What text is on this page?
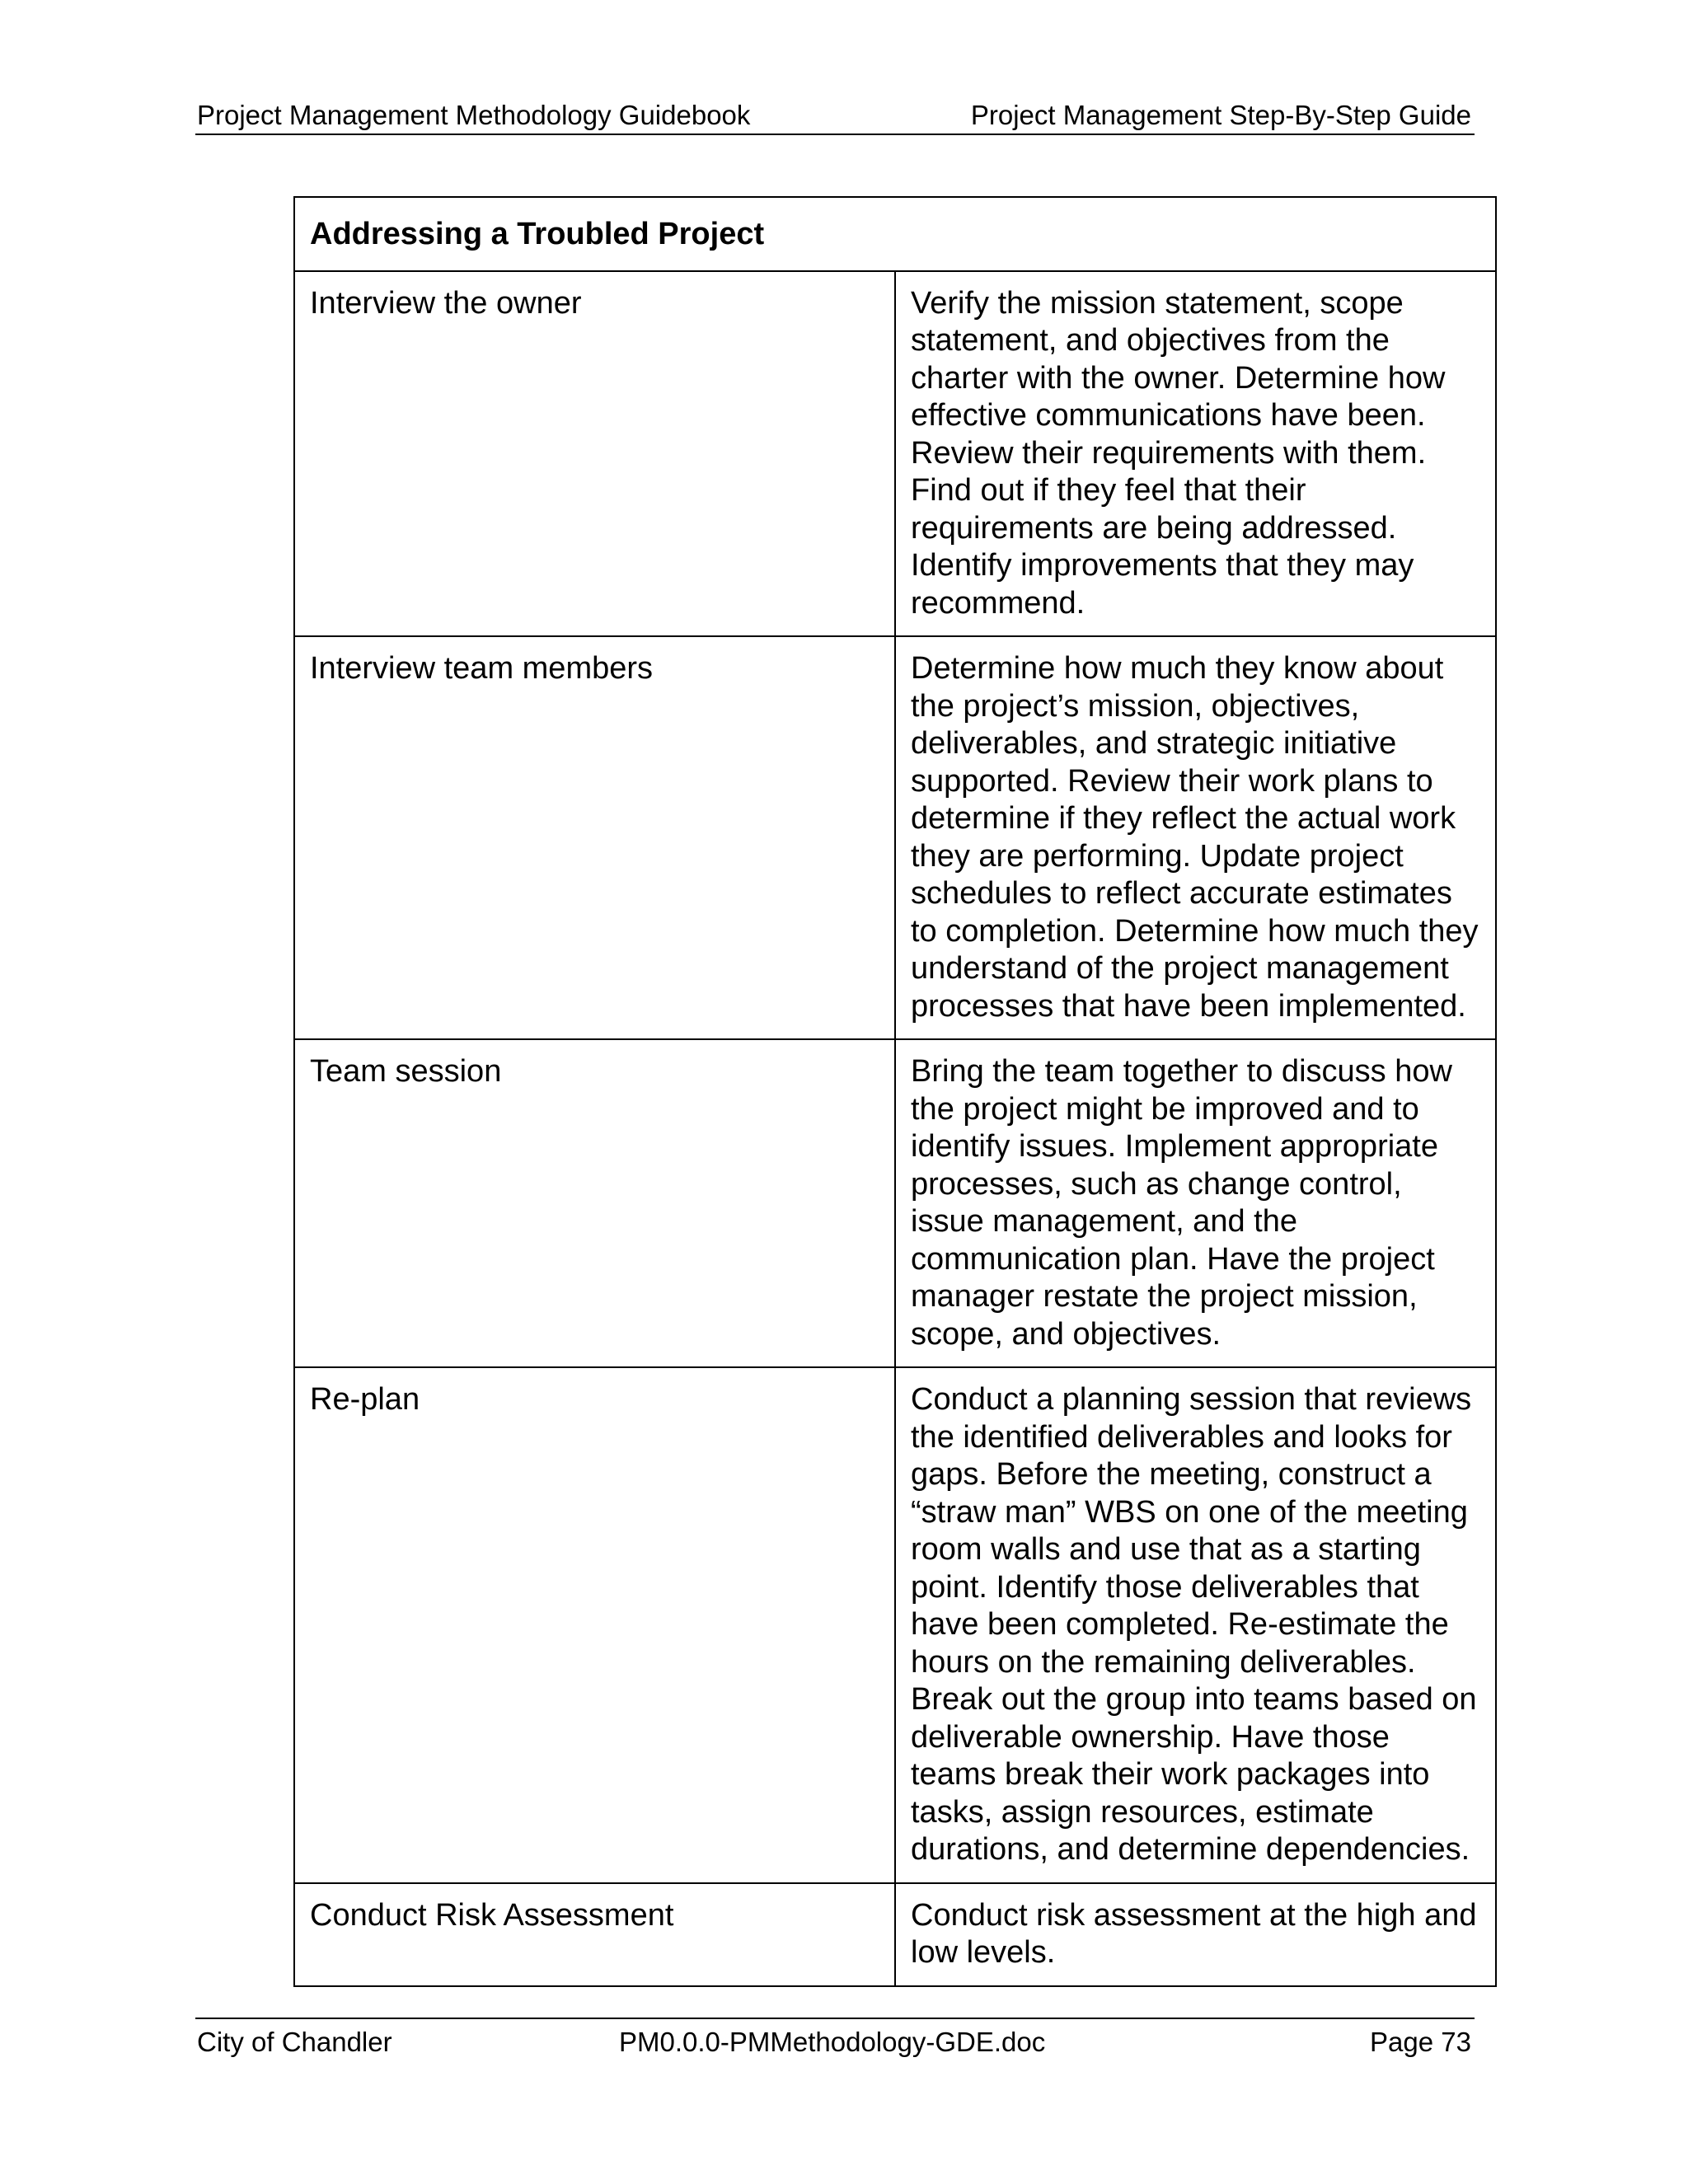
Project Management Methodology Guidebook	Project Management Step-By-Step Guide
Addressing a Troubled Project	
Interview the owner	Verify the mission statement, scope statement, and objectives from the charter with the owner. Determine how effective communications have been. Review their requirements with them. Find out if they feel that their requirements are being addressed. Identify improvements that they may recommend.
Interview team members	Determine how much they know about the project’s mission, objectives, deliverables, and strategic initiative supported. Review their work plans to determine if they reflect the actual work they are performing. Update project schedules to reflect accurate estimates to completion. Determine how much they understand of the project management processes that have been implemented.
Team session	Bring the team together to discuss how the project might be improved and to identify issues. Implement appropriate processes, such as change control, issue management, and the communication plan. Have the project manager restate the project mission, scope, and objectives.
Re-plan	Conduct a planning session that reviews the identified deliverables and looks for gaps. Before the meeting, construct a “straw man” WBS on one of the meeting room walls and use that as a starting point. Identify those deliverables that have been completed. Re-estimate the hours on the remaining deliverables. Break out the group into teams based on deliverable ownership. Have those teams break their work packages into tasks, assign resources, estimate durations, and determine dependencies.
Conduct Risk Assessment	Conduct risk assessment at the high and low levels.
City of Chandler	PM0.0.0-PMMethodology-GDE.doc	Page 73
